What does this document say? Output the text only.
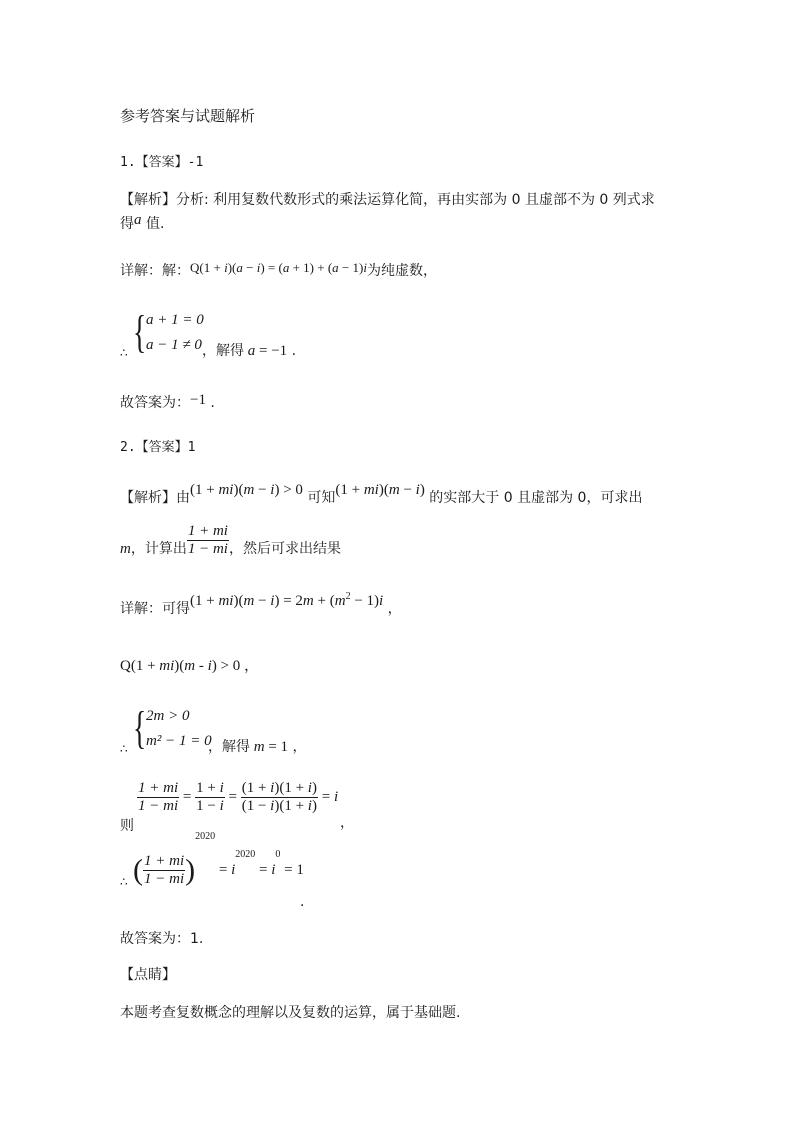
参考答案与试题解析
1.【答案】-1
【解析】分析: 利用复数代数形式的乘法运算化简，再由实部为 0 且虚部不为 0 列式求
得a 值.
详解：解：Q(1 + i)(a − i) = (a + 1) + (a − 1)i为纯虚数，
∴ { a + 1 = 0
a − 1 ≠ 0 ，解得 a = −1 .
故答案为：−1 .
2.【答案】1
【解析】由(1 + mi)(m − i) > 0 可知(1 + mi)(m − i) 的实部大于 0 且虚部为 0，可求出
m，计算出 $\frac{1 + mi}{1 - mi}$ ，然后可求出结果
详解：可得$(1 + mi)(m - i) = 2m + (m^2 - 1)i$ ，
Q(1 + mi)(m - i) > 0 ，
∴ { 2m > 0
m² − 1 = 0
，解得 m = 1 ，
则
$\frac{1 + mi}{1 - mi} = \frac{1 + i}{1 - i} = \frac{(1 + i)(1 + i)}{(1 - i)(1 + i)} = i$
，
∴ ( $\frac{1 + mi}{1 - mi} )^{2020} = i^{2020} = i^0 = 1$
.
故答案为：1.
【点睛】
本题考查复数概念的理解以及复数的运算，属于基础题.
